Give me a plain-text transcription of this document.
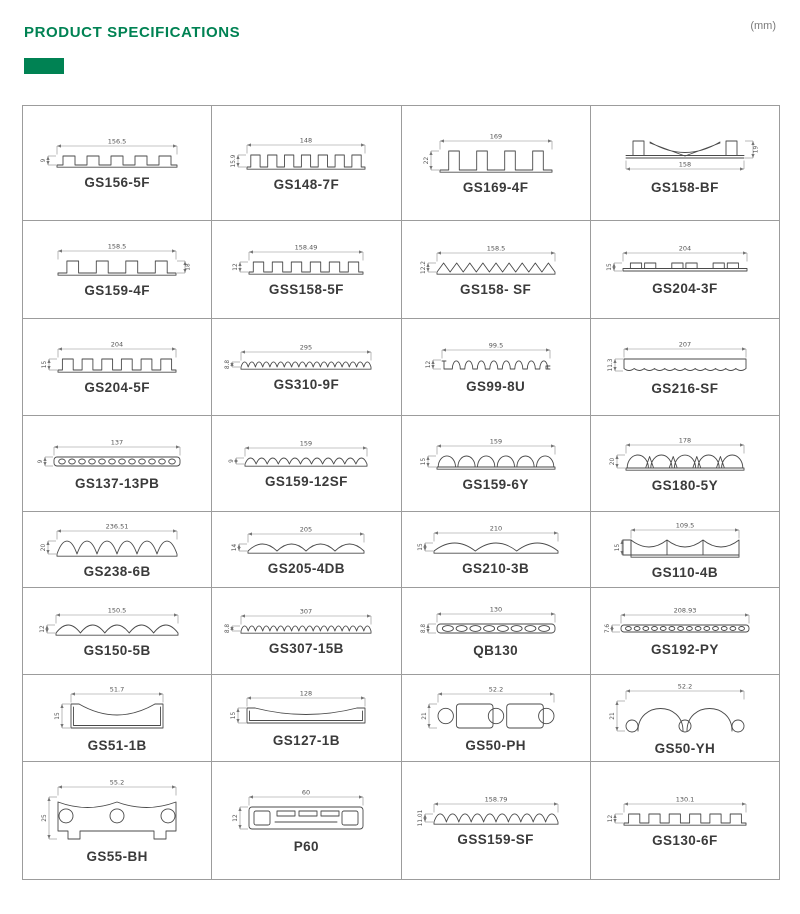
PRODUCT SPECIFICATIONS	(mm)
156.5
9
GS156-5F
148
15.9
GS148-7F
169
22
GS169-4F
158
19
GS158-BF
158.5
18
GS159-4F
158.49
12
GSS158-5F
158.5
12.2
GS158- SF
204
15
GS204-3F
204
15
GS204-5F
295
8.8
GS310-9F
99.5
12
GS99-8U
207
11.3
GS216-SF
137
9
GS137-13PB
159
9
GS159-12SF
159
15
GS159-6Y
178
20
GS180-5Y
236.51
20
GS238-6B
205
14
GS205-4DB
210
15
GS210-3B
109.5
15
GS110-4B
150.5
12
GS150-5B
307
8.8
GS307-15B
130
8.8
QB130
208.93
7.6
GS192-PY
51.7
15
GS51-1B
128
15
GS127-1B
52.2
21
GS50-PH
52.2
21
GS50-YH
55.2
25
GS55-BH
60
12
P60
158.79
11.01
GSS159-SF
130.1
12
GS130-6F
